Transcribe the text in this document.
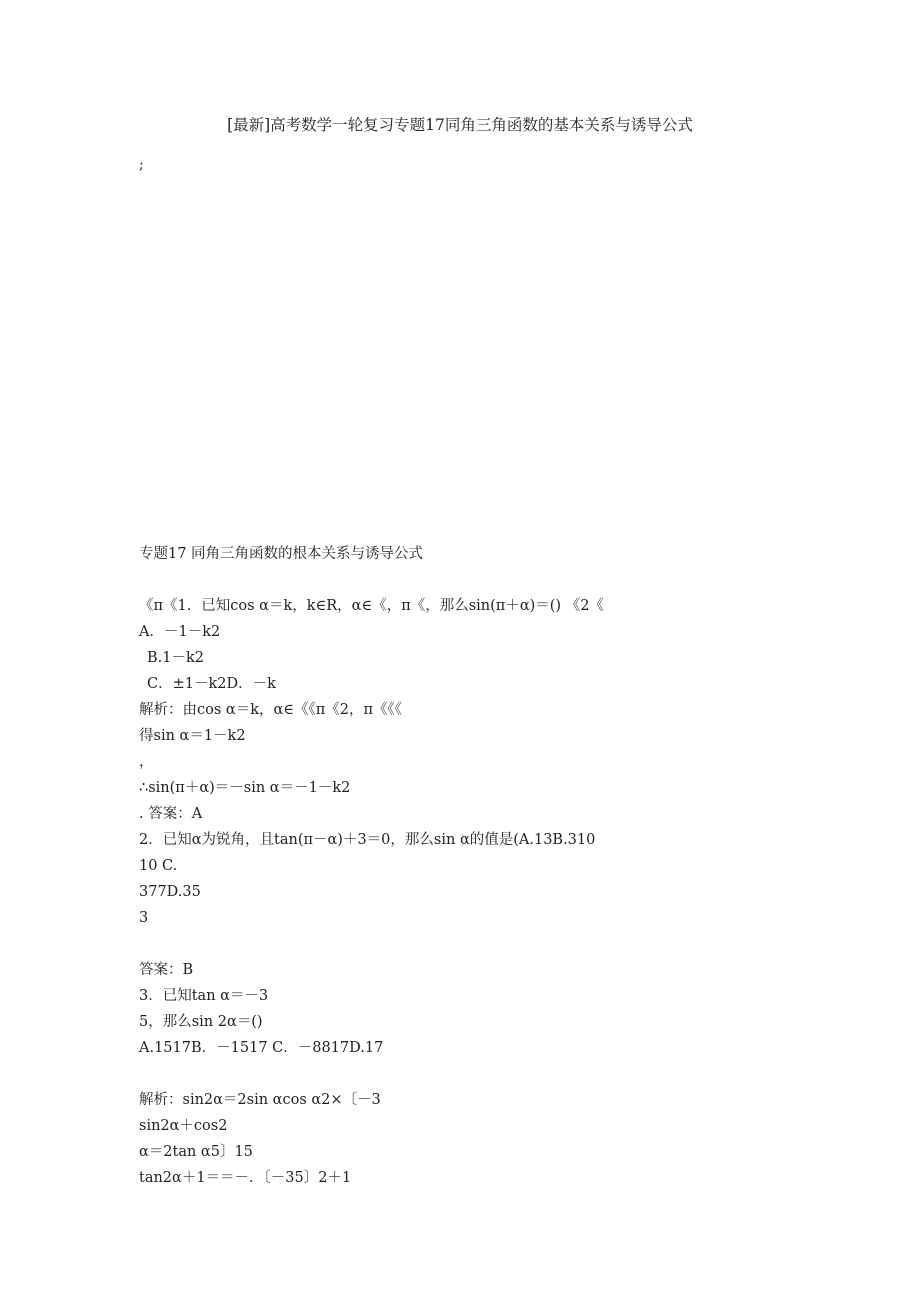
[最新]高考数学一轮复习专题17同角三角函数的基本关系与诱导公式
;
专题17 同角三角函数的根本关系与诱导公式
《π《1．已知cos α＝k，k∈R，α∈《，π《，那么sin(π＋α)＝() 《2《
A．－1－k2
B.1－k2
C．±1－k2D．－k
解析：由cos α＝k，α∈《《π《2，π《《《
得sin α＝1－k2
，
∴sin(π＋α)＝－sin α＝－1－k2
. 答案：A
2．已知α为锐角，且tan(π－α)＋3＝0，那么sin α的值是(A.13B.310
10 C.
377D.35
3
答案：B
3．已知tan α＝－3
5，那么sin 2α＝()
A.1517B．－1517 C．－8817D.17
解析：sin2α＝2sin αcos α2×〔－3
sin2α＋cos2
α＝2tan α5〕15
tan2α＋1＝＝－．〔－35〕2＋1
